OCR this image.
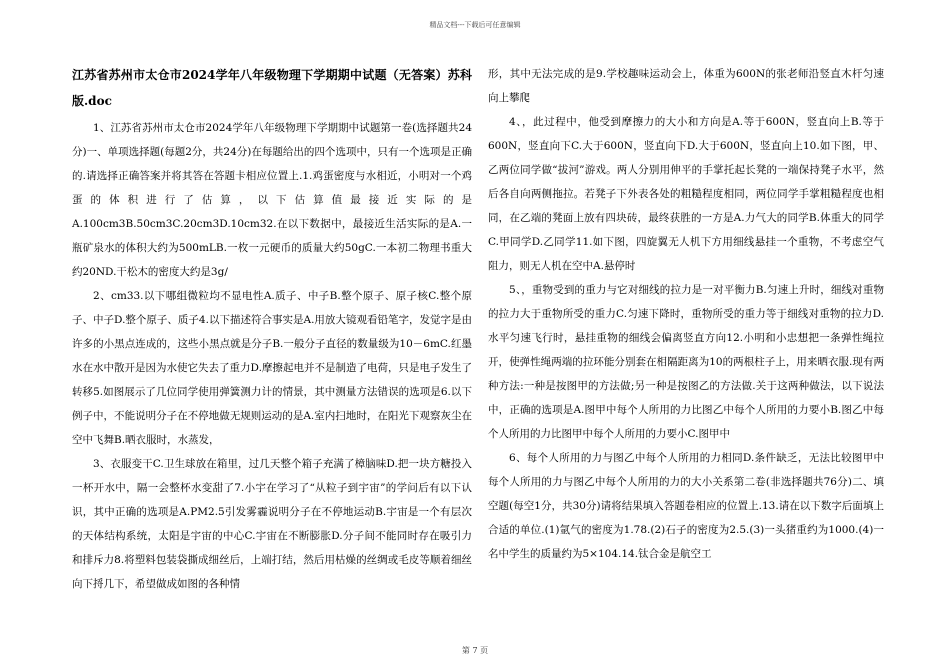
精品文档---下载后可任意编辑
江苏省苏州市太仓市2024学年八年级物理下学期期中试题（无答案）苏科版.doc

1、江苏省苏州市太仓市2024学年八年级物理下学期期中试题第一卷(选择题共24分)一、单项选择题(每题2分，共24分)在每题给出的四个选项中，只有一个选项是正确的.请选择正确答案并将其答在答题卡相应位置上.1.鸡蛋密度与水相近，小明对一个鸡蛋的体积进行了估算，以下估算值最接近实际的是A.100cm3B.50cm3C.20cm3D.10cm32.在以下数据中，最接近生活实际的是A.一瓶矿泉水的体积大约为500mLB.一枚一元硬币的质量大约50gC.一本初二物理书重大约20ND.干松木的密度大约是3g/

2、cm33.以下哪组微粒均不显电性A.质子、中子B.整个原子、原子核C.整个原子、中子D.整个原子、质子4.以下描述符合事实是A.用放大镜观看铅笔字，发觉字是由许多的小黑点连成的，这些小黑点就是分子B.一般分子直径的数量级为10－6mC.红墨水在水中散开是因为水使它失去了重力D.摩擦起电并不是制造了电荷，只是电子发生了转移5.如图展示了几位同学使用弹簧测力计的情景，其中测量方法错误的选项是6.以下例子中，不能说明分子在不停地做无规则运动的是A.室内扫地时，在阳光下观察灰尘在空中飞舞B.晒衣服时，水蒸发，

3、衣服变干C.卫生球放在箱里，过几天整个箱子充满了樟脑味D.把一块方糖投入一杯开水中，隔一会整杯水变甜了7.小宇在学习了“从粒子到宇宙”的学问后有以下认识，其中正确的选项是A.PM2.5引发雾霾说明分子在不停地运动B.宇宙是一个有层次的天体结构系统，太阳是宇宙的中心C.宇宙在不断膨胀D.分子间不能同时存在吸引力和排斥力8.将塑料包装袋撕成细丝后，上端打结，然后用枯燥的丝绸或毛皮等顺着细丝向下捋几下，希望做成如图的各种情

形，其中无法完成的是9.学校趣味运动会上，体重为600N的张老师沿竖直木杆匀速向上攀爬

4、，此过程中，他受到摩擦力的大小和方向是A.等于600N，竖直向上B.等于600N，竖直向下C.大于600N，竖直向下D.大于600N，竖直向上10.如下图，甲、乙两位同学做“拔河”游戏。两人分别用伸平的手掌托起长凳的一端保持凳子水平，然后各自向两侧拖拉。若凳子下外表各处的粗糙程度相同，两位同学手掌粗糙程度也相同，在乙端的凳面上放有四块砖，最终获胜的一方是A.力气大的同学B.体重大的同学C.甲同学D.乙同学11.如下图，四旋翼无人机下方用细线悬挂一个重物，不考虑空气阻力，则无人机在空中A.悬停时

5、，重物受到的重力与它对细线的拉力是一对平衡力B.匀速上升时，细线对重物的拉力大于重物所受的重力C.匀速下降时，重物所受的重力等于细线对重物的拉力D.水平匀速飞行时，悬挂重物的细线会偏离竖直方向12.小明和小忠想把一条弹性绳拉开，使弹性绳两端的拉环能分别套在相隔距离为10的两根柱子上，用来晒衣服.现有两种方法:一种是按图甲的方法做;另一种是按图乙的方法做.关于这两种做法，以下说法中，正确的选项是A.图甲中每个人所用的力比图乙中每个人所用的力要小B.图乙中每个人所用的力比图甲中每个人所用的力要小C.图甲中

6、每个人所用的力与图乙中每个人所用的力相同D.条件缺乏，无法比较图甲中每个人所用的力与图乙中每个人所用的力的大小关系第二卷(非选择题共76分)二、填空题(每空1分，共30分)请将结果填入答题卷相应的位置上.13.请在以下数字后面填上合适的单位.(1)氩气的密度为1.78.(2)石子的密度为2.5.(3)一头猪重约为1000.(4)一名中学生的质量约为5×104.14.钛合金是航空工

第 7 页
